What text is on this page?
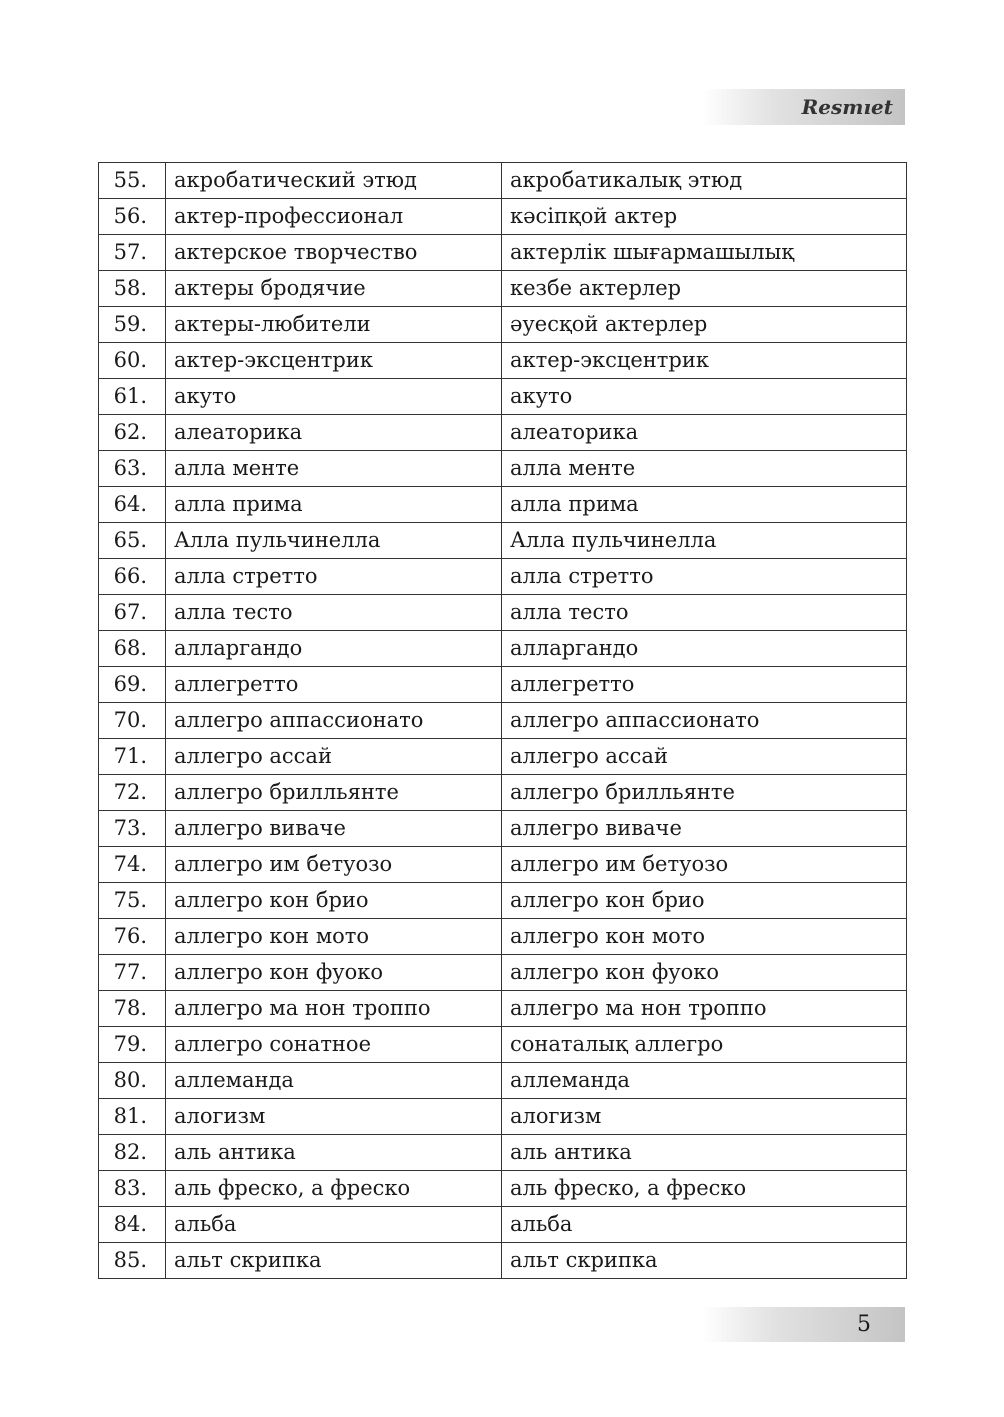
Resmıet
55.	акробатический этюд	акробатикалық этюд
56.	актер-профессионал	кәсіпқой актер
57.	актерское творчество	актерлік шығармашылық
58.	актеры бродячие	кезбе актерлер
59.	актеры-любители	әуесқой актерлер
60.	актер-эксцентрик	актер-эксцентрик
61.	акуто	акуто
62.	алеаторика	алеаторика
63.	алла менте	алла менте
64.	алла прима	алла прима
65.	Алла пульчинелла	Алла пульчинелла
66.	алла стретто	алла стретто
67.	алла тесто	алла тесто
68.	алларгандо	алларгандо
69.	аллегретто	аллегретто
70.	аллегро аппассионато	аллегро аппассионато
71.	аллегро ассай	аллегро ассай
72.	аллегро брилльянте	аллегро брилльянте
73.	аллегро виваче	аллегро виваче
74.	аллегро им бетуозо	аллегро им бетуозо
75.	аллегро кон брио	аллегро кон брио
76.	аллегро кон мото	аллегро кон мото
77.	аллегро кон фуоко	аллегро кон фуоко
78.	аллегро ма нон троппо	аллегро ма нон троппо
79.	аллегро сонатное	сонаталық аллегро
80.	аллеманда	аллеманда
81.	алогизм	алогизм
82.	аль антика	аль антика
83.	аль фреско, а фреско	аль фреско, а фреско
84.	альба	альба
85.	альт скрипка	альт скрипка
5
